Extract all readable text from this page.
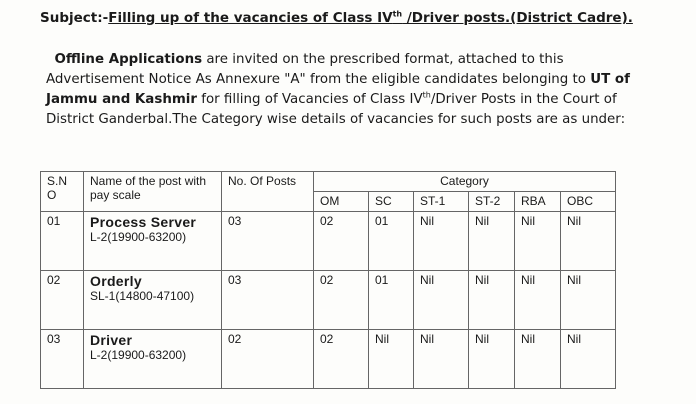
Subject:-Filling up of the vacancies of Class IVth /Driver posts.(District Cadre).
Offline Applications are invited on the prescribed format, attached to this Advertisement Notice As Annexure "A" from the eligible candidates belonging to UT of Jammu and Kashmir for filling of Vacancies of Class IVth/Driver Posts in the Court of District Ganderbal.The Category wise details of vacancies for such posts are as under:
S.N O	Name of the post with pay scale	No. Of Posts	Category					
			OM	SC	ST-1	ST-2	RBA	OBC
01	Process Server
L-2(19900-63200)	03	02	01	Nil	Nil	Nil	Nil
02	Orderly
SL-1(14800-47100)	03	02	01	Nil	Nil	Nil	Nil
03	Driver
L-2(19900-63200)	02	02	Nil	Nil	Nil	Nil	Nil
